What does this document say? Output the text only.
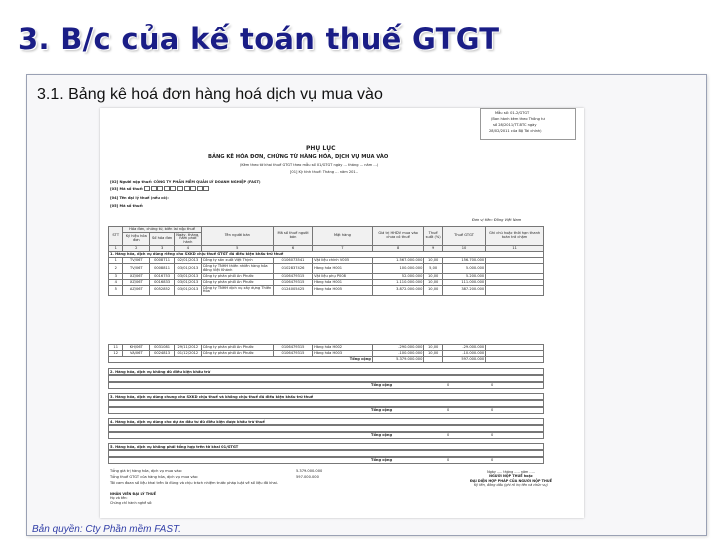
3. B/c của kế toán thuế GTGT
3.1. Bảng kê hoá đơn hàng hoá dịch vụ mua vào
Mẫu số: 01-2/GTGT
(Ban hành kèm theo Thông tư
số 28/2011/TT-BTC ngày
28/02/2011 của Bộ Tài chính)
PHỤ LỤC
BẢNG KÊ HÓA ĐƠN, CHỨNG TỪ HÀNG HÓA, DỊCH VỤ MUA VÀO
(Kèm theo tờ khai thuế GTGT theo mẫu số 01/GTGT ngày ... tháng ... năm ...)
[01] Kỳ tính thuế: Tháng ... năm 201..
[02] Người nộp thuế: CÔNG TY PHẦN MỀM QUẢN LÝ DOANH NGHIỆP (FAST)
[03] Mã số thuế:
[04] Tên đại lý thuế (nếu có):
[05] Mã số thuế:
Đơn vị tiền: Đồng Việt Nam
STT	Hóa đơn, chứng từ, biên lai nộp thuế			Tên người bán	Mã số thuế người bán	Mặt hàng	Giá trị HHDV mua vào chưa có thuế	Thuế suất (%)	Thuế GTGT	Ghi chú hoặc thời hạn thanh toán trả chậm
	Ký hiệu hóa đơn	Số hóa đơn	Ngày, tháng, năm phát hành							
1	2	3	4	5	6	7	8	9	10	11
1. Hàng hóa, dịch vụ dùng riêng cho SXKD chịu thuế GTGT đủ điều kiện khấu trừ thuế										
1	TV/06T	0008711	02/01/2013	Công ty sản xuất Việt Thịnh	0106073541	Vật liệu chính V005	1.567.000.000	10,00	156.700.000	
2	TV/06T	0008811	03/01/2013	Công ty TNHH thiên nhiên hàng hóa đồng Việt Khánh	0102837426	Hàng hóa H001	100.000.000	5,00	5.000.000	
3	XZ/06T	0016753	03/01/2013	Công ty phân phối An Phước	0106479315	Vật liệu phụ P008	52.000.000	10,00	5.200.000	
4	XZ/06T	0016833	03/01/2013	Công ty phân phối An Phước	0106479315	Hàng hóa H001	1.110.000.000	10,00	111.000.000	
5	AZ/06T	0052852	03/01/2013	Công ty TNHH dịch vụ xây dựng Thiên Hòa	0124005425	Hàng hóa H005	3.872.000.000	10,00	387.200.000	
11	KH/06T	0031081	29/11/2012	Công ty phân phối An Phước	0106479315	Hàng hóa H002	-290.000.000	10,00	-29.000.000	
12	VA/06T	0024813	01/12/2012	Công ty phân phối An Phước	0106479315	Hàng hóa H003	-100.000.000	10,00	-10.000.000	
Tổng cộng							5.379.000.000		597.000.000	
2. Hàng hóa, dịch vụ không đủ điều kiện khấu trừ
Tổng cộng	0	0
3. Hàng hóa, dịch vụ dùng chung cho SXKD chịu thuế và không chịu thuế đủ điều kiện khấu trừ thuế
Tổng cộng	0	0
4. Hàng hóa, dịch vụ dùng cho dự án đầu tư đủ điều kiện được khấu trừ thuế
Tổng cộng	0	0
5. Hàng hóa, dịch vụ không phải tổng hợp trên tờ khai 01/GTGT
Tổng cộng	0	0
Tổng giá trị hàng hóa, dịch vụ mua vào:	5.379.000.000
Tổng thuế GTGT của hàng hóa, dịch vụ mua vào:	597.000.000
Tôi cam đoan số liệu khai trên là đúng và chịu trách nhiệm trước pháp luật về số liệu đã khai.
NHÂN VIÊN ĐẠI LÝ THUẾ
Họ và tên:
Chứng chỉ hành nghề số:
Ngày ..... tháng ..... năm .....
NGƯỜI NỘP THUẾ hoặc
ĐẠI DIỆN HỢP PHÁP CỦA NGƯỜI NỘP THUẾ
Ký tên, đóng dấu (ghi rõ họ tên và chức vụ)
Bản quyền: Cty Phần mềm FAST.
